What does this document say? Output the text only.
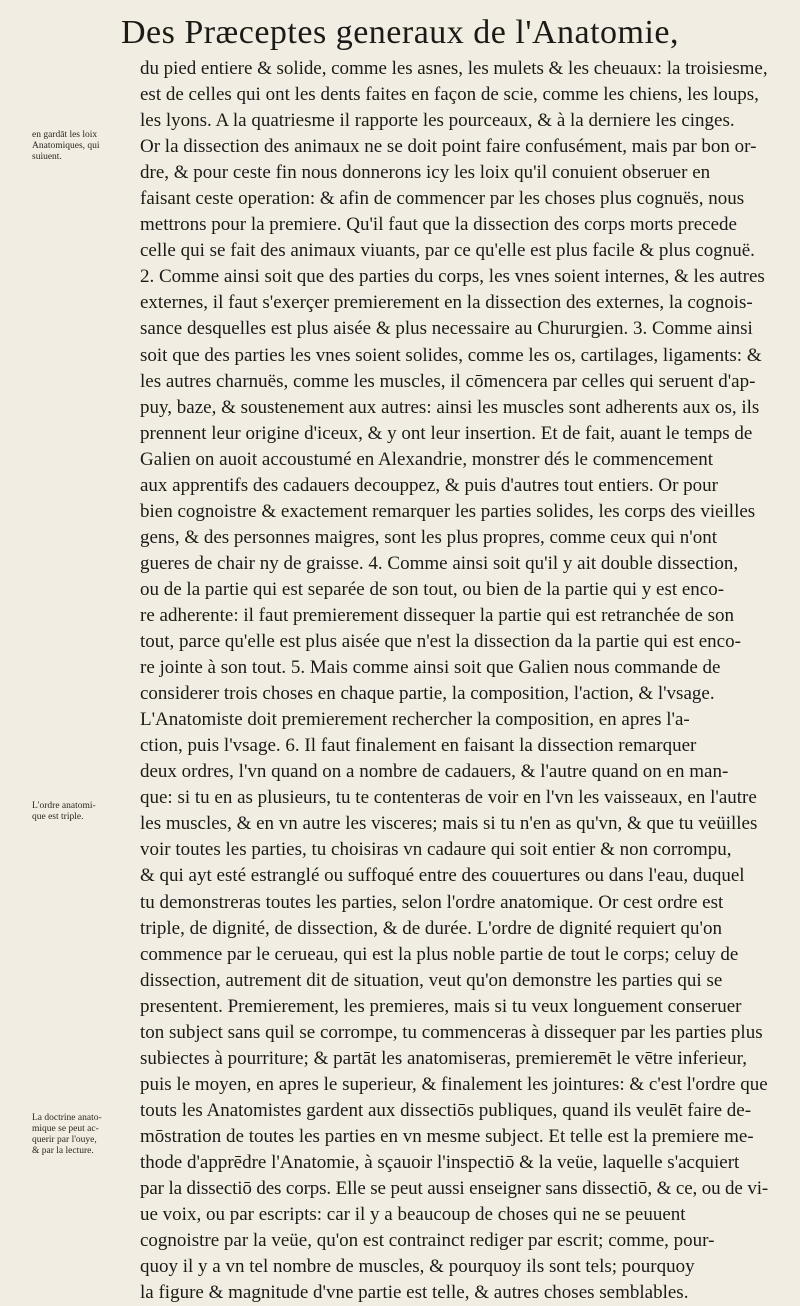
Des Præceptes generaux de l'Anatomie,

du pied entiere & solide, comme les asnes, les mulets & les cheuaux: la troisiesme,

est de celles qui ont les dents faites en façon de scie, comme les chiens, les loups,

les lyons. A la quatriesme il rapporte les pourceaux, & à la derniere les cinges.

Or la dissection des animaux ne se doit point faire confusément, mais par bon or-

dre, & pour ceste fin nous donnerons icy les loix qu'il conuient obseruer en

faisant ceste operation: & afin de commencer par les choses plus cognuës, nous

mettrons pour la premiere. Qu'il faut que la dissection des corps morts precede

celle qui se fait des animaux viuants, par ce qu'elle est plus facile & plus cognuë.

2. Comme ainsi soit que des parties du corps, les vnes soient internes, & les autres

externes, il faut s'exerçer premierement en la dissection des externes, la cognois-

sance desquelles est plus aisée & plus necessaire au Chururgien. 3. Comme ainsi

soit que des parties les vnes soient solides, comme les os, cartilages, ligaments: &

les autres charnuës, comme les muscles, il cōmencera par celles qui seruent d'ap-

puy, baze, & soustenement aux autres: ainsi les muscles sont adherents aux os, ils

prennent leur origine d'iceux, & y ont leur insertion. Et de fait, auant le temps de

Galien on auoit accoustumé en Alexandrie, monstrer dés le commencement

aux apprentifs des cadauers decouppez, & puis d'autres tout entiers. Or pour

bien cognoistre & exactement remarquer les parties solides, les corps des vieilles

gens, & des personnes maigres, sont les plus propres, comme ceux qui n'ont

gueres de chair ny de graisse. 4. Comme ainsi soit qu'il y ait double dissection,

ou de la partie qui est separée de son tout, ou bien de la partie qui y est enco-

re adherente: il faut premierement dissequer la partie qui est retranchée de son

tout, parce qu'elle est plus aisée que n'est la dissection da la partie qui est enco-

re jointe à son tout. 5. Mais comme ainsi soit que Galien nous commande de

considerer trois choses en chaque partie, la composition, l'action, & l'vsage.

L'Anatomiste doit premierement rechercher la composition, en apres l'a-

ction, puis l'vsage. 6. Il faut finalement en faisant la dissection remarquer

deux ordres, l'vn quand on a nombre de cadauers, & l'autre quand on en man-

que: si tu en as plusieurs, tu te contenteras de voir en l'vn les vaisseaux, en l'autre

les muscles, & en vn autre les visceres; mais si tu n'en as qu'vn, & que tu veüilles

voir toutes les parties, tu choisiras vn cadaure qui soit entier & non corrompu,

& qui ayt esté estranglé ou suffoqué entre des couuertures ou dans l'eau, duquel

tu demonstreras toutes les parties, selon l'ordre anatomique. Or cest ordre est

triple, de dignité, de dissection, & de durée. L'ordre de dignité requiert qu'on

commence par le cerueau, qui est la plus noble partie de tout le corps; celuy de

dissection, autrement dit de situation, veut qu'on demonstre les parties qui se

presentent. Premierement, les premieres, mais si tu veux longuement conseruer

ton subject sans quil se corrompe, tu commenceras à dissequer par les parties plus

subiectes à pourriture; & partāt les anatomiseras, premieremēt le vētre inferieur,

puis le moyen, en apres le superieur, & finalement les jointures: & c'est l'ordre que

touts les Anatomistes gardent aux dissectiōs publiques, quand ils veulēt faire de-

mōstration de toutes les parties en vn mesme subject. Et telle est la premiere me-

thode d'apprēdre l'Anatomie, à sçauoir l'inspectiō & la veüe, laquelle s'acquiert

par la dissectiō des corps. Elle se peut aussi enseigner sans dissectiō, & ce, ou de vi-

ue voix, ou par escripts: car il y a beaucoup de choses qui ne se peuuent

cognoistre par la veüe, qu'on est contrainct rediger par escrit; comme, pour-

quoy il y a vn tel nombre de muscles, & pourquoy ils sont tels; pourquoy

la figure & magnitude d'vne partie est telle, & autres choses semblables.

en gardāt les loix
Anatomiques, qui
suiuent.
L'ordre anatomi-
que est triple.
La doctrine anato-
mique se peut ac-
querir par l'ouye,
& par la lecture.
